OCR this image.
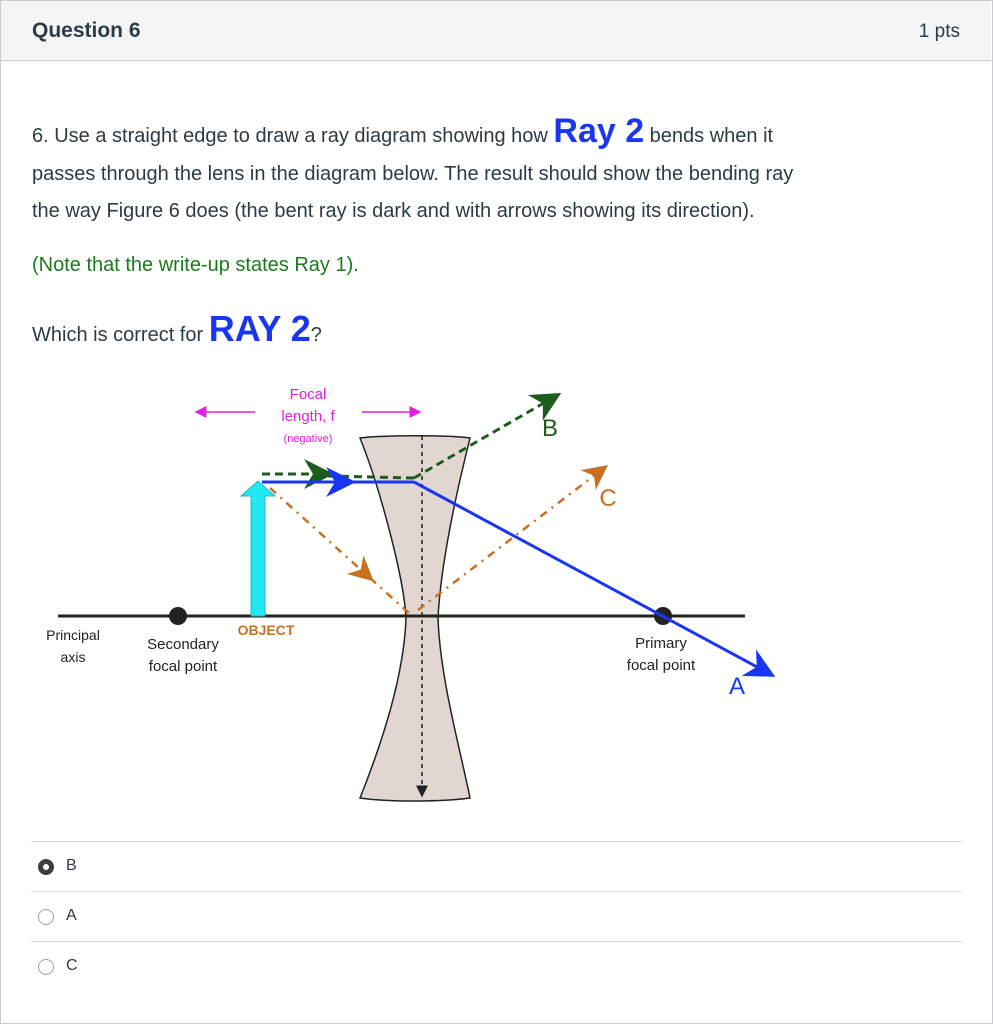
Question 6	1 pts
6. Use a straight edge to draw a ray diagram showing how Ray 2 bends when it
passes through the lens in the diagram below. The result should show the bending ray
the way Figure 6 does (the bent ray is dark and with arrows showing its direction).
(Note that the write-up states Ray 1).
Which is correct for RAY 2?
Focal
length, f
(negative)
OBJECT
B
C
A
Principal
axis
Secondary
focal point
Primary
focal point
B
A
C
